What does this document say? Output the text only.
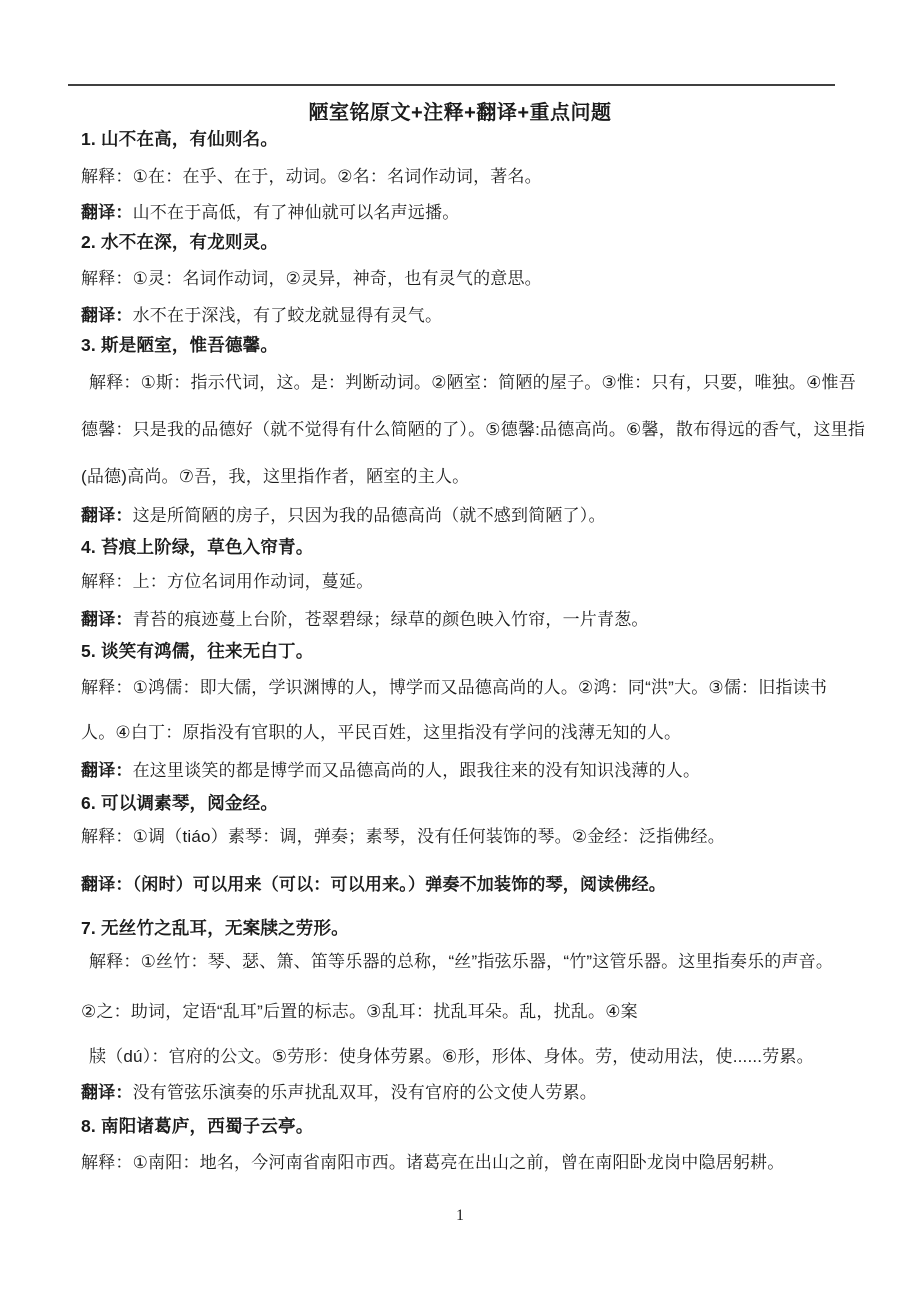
陋室铭原文+注释+翻译+重点问题
1. 山不在高，有仙则名。
解释：①在：在乎、在于，动词。②名：名词作动词，著名。
翻译：山不在于高低，有了神仙就可以名声远播。
2. 水不在深，有龙则灵。
解释：①灵：名词作动词，②灵异，神奇，也有灵气的意思。
翻译：水不在于深浅，有了蛟龙就显得有灵气。
3. 斯是陋室，惟吾德馨。
解释：①斯：指示代词，这。是：判断动词。②陋室：简陋的屋子。③惟：只有，只要，唯独。④惟吾
德馨：只是我的品德好（就不觉得有什么简陋的了）。⑤德馨:品德高尚。⑥馨，散布得远的香气，这里指
(品德)高尚。⑦吾，我，这里指作者，陋室的主人。
翻译：这是所简陋的房子，只因为我的品德高尚（就不感到简陋了）。
4. 苔痕上阶绿，草色入帘青。
解释：上：方位名词用作动词，蔓延。
翻译：青苔的痕迹蔓上台阶，苍翠碧绿；绿草的颜色映入竹帘，一片青葱。
5. 谈笑有鸿儒，往来无白丁。
解释：①鸿儒：即大儒，学识渊博的人，博学而又品德高尚的人。②鸿：同“洪”大。③儒：旧指读书
人。④白丁：原指没有官职的人，平民百姓，这里指没有学问的浅薄无知的人。
翻译：在这里谈笑的都是博学而又品德高尚的人，跟我往来的没有知识浅薄的人。
6. 可以调素琴，阅金经。
解释：①调（tiáo）素琴：调，弹奏；素琴，没有任何装饰的琴。②金经：泛指佛经。
翻译：（闲时）可以用来（可以：可以用来。）弹奏不加装饰的琴，阅读佛经。
7. 无丝竹之乱耳，无案牍之劳形。
解释：①丝竹：琴、瑟、箫、笛等乐器的总称，“丝”指弦乐器，“竹”这管乐器。这里指奏乐的声音。
②之：助词，定语“乱耳”后置的标志。③乱耳：扰乱耳朵。乱，扰乱。④案
牍（dú）：官府的公文。⑤劳形：使身体劳累。⑥形，形体、身体。劳，使动用法，使......劳累。
翻译：没有管弦乐演奏的乐声扰乱双耳，没有官府的公文使人劳累。
8. 南阳诸葛庐，西蜀子云亭。
解释：①南阳：地名，今河南省南阳市西。诸葛亮在出山之前，曾在南阳卧龙岗中隐居躬耕。
1
